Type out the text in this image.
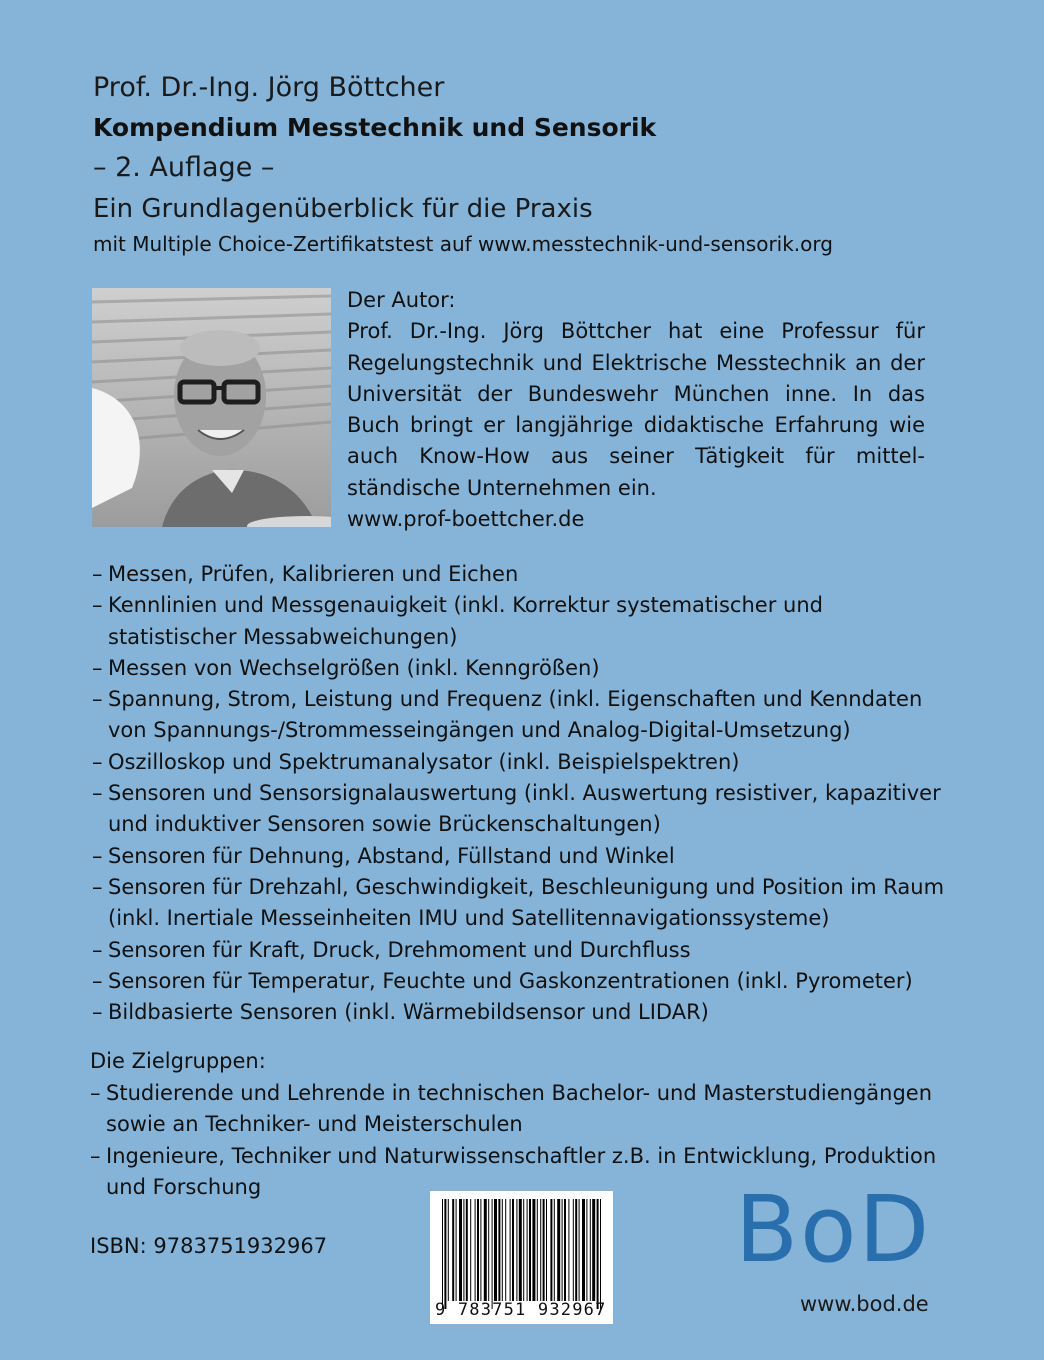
Prof. Dr.-Ing. Jörg Böttcher
Kompendium Messtechnik und Sensorik
– 2. Auflage –
Ein Grundlagenüberblick für die Praxis
mit Multiple Choice-Zertifikatstest auf www.messtechnik-und-sensorik.org
Der Autor:
Prof. Dr.-Ing. Jörg Böttcher hat eine Professur für Regelungstechnik und Elektrische Messtechnik an der Universität der Bundeswehr München inne. In das Buch bringt er langjährige didaktische Erfahrung wie auch Know-How aus seiner Tätigkeit für mittel-ständische Unternehmen ein.
www.prof-boettcher.de
– Messen, Prüfen, Kalibrieren und Eichen
– Kennlinien und Messgenauigkeit (inkl. Korrektur systematischer und statistischer Messabweichungen)
– Messen von Wechselgrößen (inkl. Kenngrößen)
– Spannung, Strom, Leistung und Frequenz (inkl. Eigenschaften und Kenndaten von Spannungs-/Strommesseingängen und Analog-Digital-Umsetzung)
– Oszilloskop und Spektrumanalysator (inkl. Beispielspektren)
– Sensoren und Sensorsignalauswertung (inkl. Auswertung resistiver, kapazitiver und induktiver Sensoren sowie Brückenschaltungen)
– Sensoren für Dehnung, Abstand, Füllstand und Winkel
– Sensoren für Drehzahl, Geschwindigkeit, Beschleunigung und Position im Raum (inkl. Inertiale Messeinheiten IMU und Satellitennavigationssysteme)
– Sensoren für Kraft, Druck, Drehmoment und Durchfluss
– Sensoren für Temperatur, Feuchte und Gaskonzentrationen (inkl. Pyrometer)
– Bildbasierte Sensoren (inkl. Wärmebildsensor und LIDAR)
Die Zielgruppen:
– Studierende und Lehrende in technischen Bachelor- und Masterstudiengängen sowie an Techniker- und Meisterschulen
– Ingenieure, Techniker und Naturwissenschaftler z.B. in Entwicklung, Produktion und Forschung
ISBN: 9783751932967
9 783751 932967
BoD
www.bod.de
